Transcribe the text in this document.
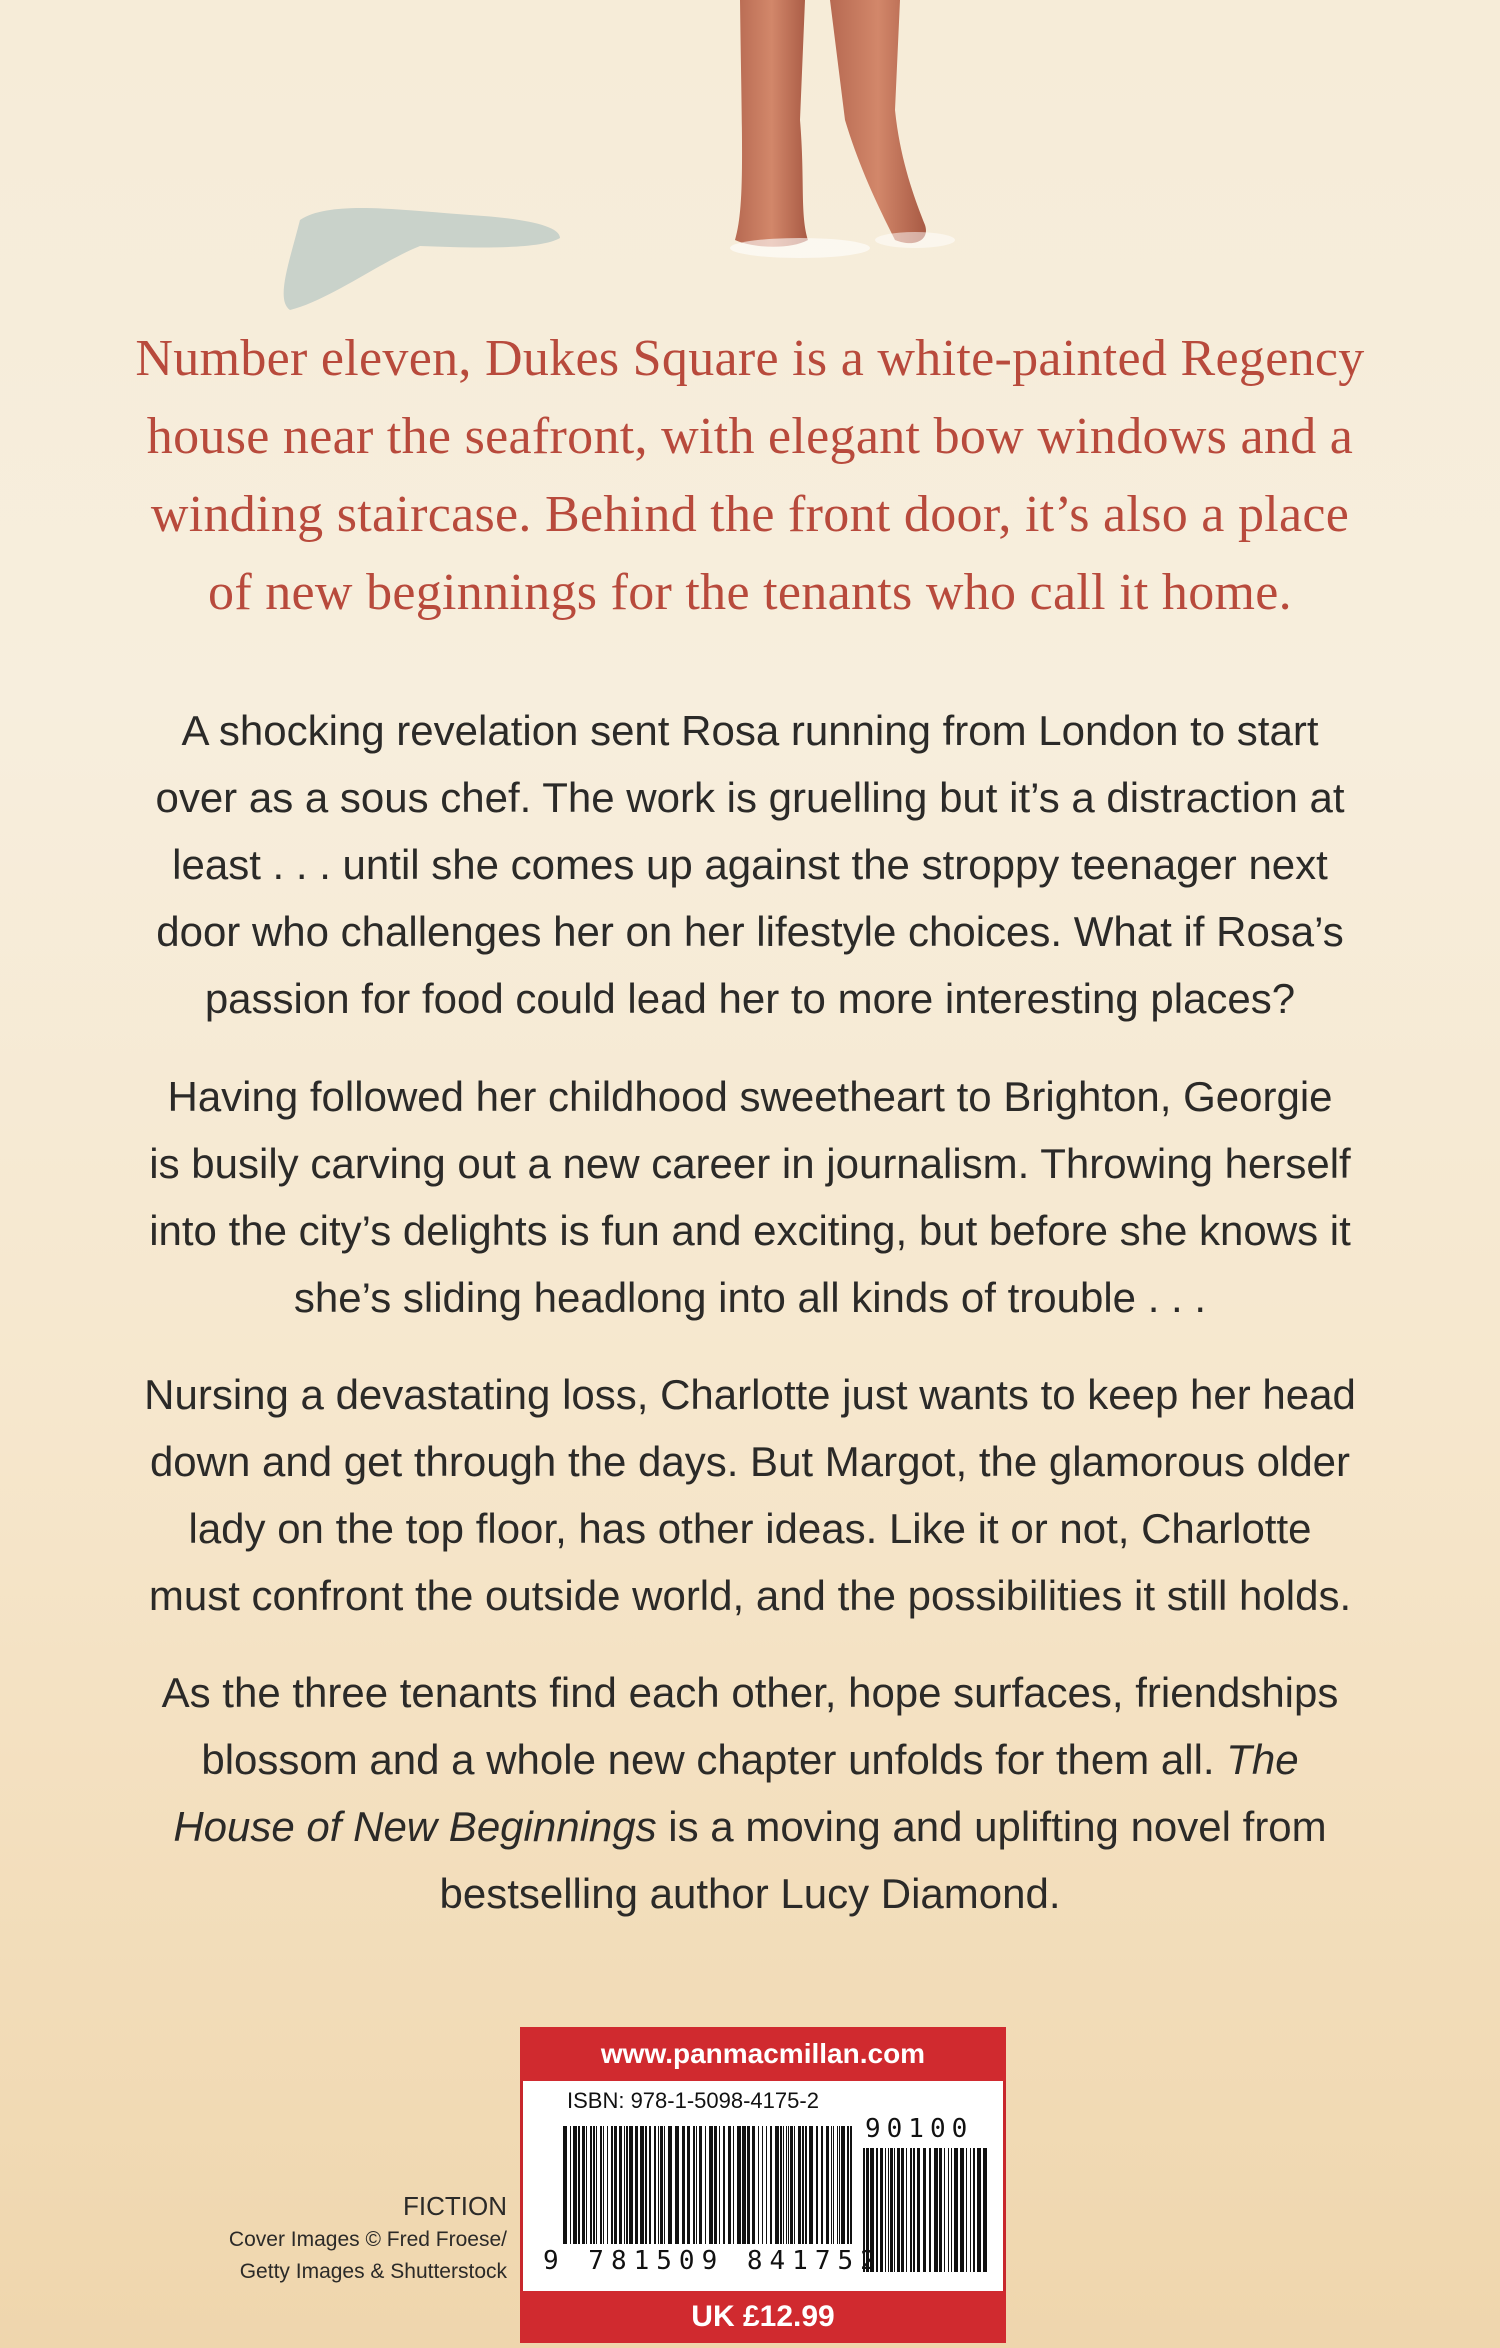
Number eleven, Dukes Square is a white-painted Regency
house near the seafront, with elegant bow windows and a
winding staircase. Behind the front door, it’s also a place
of new beginnings for the tenants who call it home.
A shocking revelation sent Rosa running from London to start
over as a sous chef. The work is gruelling but it’s a distraction at
least . . . until she comes up against the stroppy teenager next
door who challenges her on her lifestyle choices. What if Rosa’s
passion for food could lead her to more interesting places?
Having followed her childhood sweetheart to Brighton, Georgie
is busily carving out a new career in journalism. Throwing herself
into the city’s delights is fun and exciting, but before she knows it
she’s sliding headlong into all kinds of trouble . . .
Nursing a devastating loss, Charlotte just wants to keep her head
down and get through the days. But Margot, the glamorous older
lady on the top floor, has other ideas. Like it or not, Charlotte
must confront the outside world, and the possibilities it still holds.
As the three tenants find each other, hope surfaces, friendships
blossom and a whole new chapter unfolds for them all. The
House of New Beginnings is a moving and uplifting novel from
bestselling author Lucy Diamond.
FICTION
Cover Images © Fred Froese/
Getty Images & Shutterstock
www.panmacmillan.com
ISBN: 978-1-5098-4175-2
90100
9 781509 841752
UK £12.99
